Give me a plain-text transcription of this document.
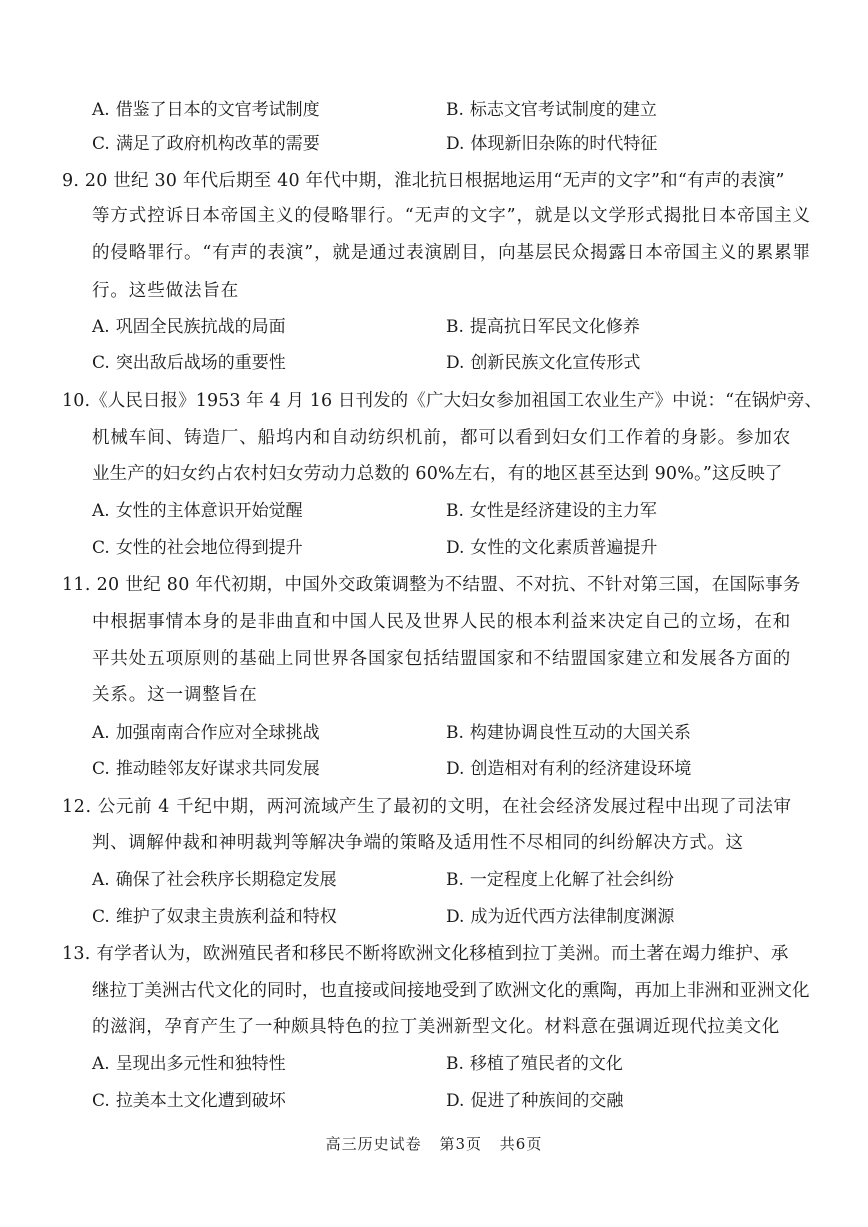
A. 借鉴了日本的文官考试制度	B. 标志文官考试制度的建立
C. 满足了政府机构改革的需要	D. 体现新旧杂陈的时代特征
9. 20 世纪 30 年代后期至 40 年代中期，淮北抗日根据地运用“无声的文字”和“有声的表演”
等方式控诉日本帝国主义的侵略罪行。“无声的文字”，就是以文学形式揭批日本帝国主义
的侵略罪行。“有声的表演”，就是通过表演剧目，向基层民众揭露日本帝国主义的累累罪
行。这些做法旨在
A. 巩固全民族抗战的局面	B. 提高抗日军民文化修养
C. 突出敌后战场的重要性	D. 创新民族文化宣传形式
10.《人民日报》1953 年 4 月 16 日刊发的《广大妇女参加祖国工农业生产》中说：“在锅炉旁、
机械车间、铸造厂、船坞内和自动纺织机前，都可以看到妇女们工作着的身影。参加农
业生产的妇女约占农村妇女劳动力总数的 60%左右，有的地区甚至达到 90%。”这反映了
A. 女性的主体意识开始觉醒	B. 女性是经济建设的主力军
C. 女性的社会地位得到提升	D. 女性的文化素质普遍提升
11. 20 世纪 80 年代初期，中国外交政策调整为不结盟、不对抗、不针对第三国，在国际事务
中根据事情本身的是非曲直和中国人民及世界人民的根本利益来决定自己的立场，在和
平共处五项原则的基础上同世界各国家包括结盟国家和不结盟国家建立和发展各方面的
关系。这一调整旨在
A. 加强南南合作应对全球挑战	B. 构建协调良性互动的大国关系
C. 推动睦邻友好谋求共同发展	D. 创造相对有利的经济建设环境
12. 公元前 4 千纪中期，两河流域产生了最初的文明，在社会经济发展过程中出现了司法审
判、调解仲裁和神明裁判等解决争端的策略及适用性不尽相同的纠纷解决方式。这
A. 确保了社会秩序长期稳定发展	B. 一定程度上化解了社会纠纷
C. 维护了奴隶主贵族利益和特权	D. 成为近代西方法律制度渊源
13. 有学者认为，欧洲殖民者和移民不断将欧洲文化移植到拉丁美洲。而土著在竭力维护、承
继拉丁美洲古代文化的同时，也直接或间接地受到了欧洲文化的熏陶，再加上非洲和亚洲文化
的滋润，孕育产生了一种颇具特色的拉丁美洲新型文化。材料意在强调近现代拉美文化
A. 呈现出多元性和独特性	B. 移植了殖民者的文化
C. 拉美本土文化遭到破坏	D. 促进了种族间的交融
高三历史试卷 第3页 共6页
